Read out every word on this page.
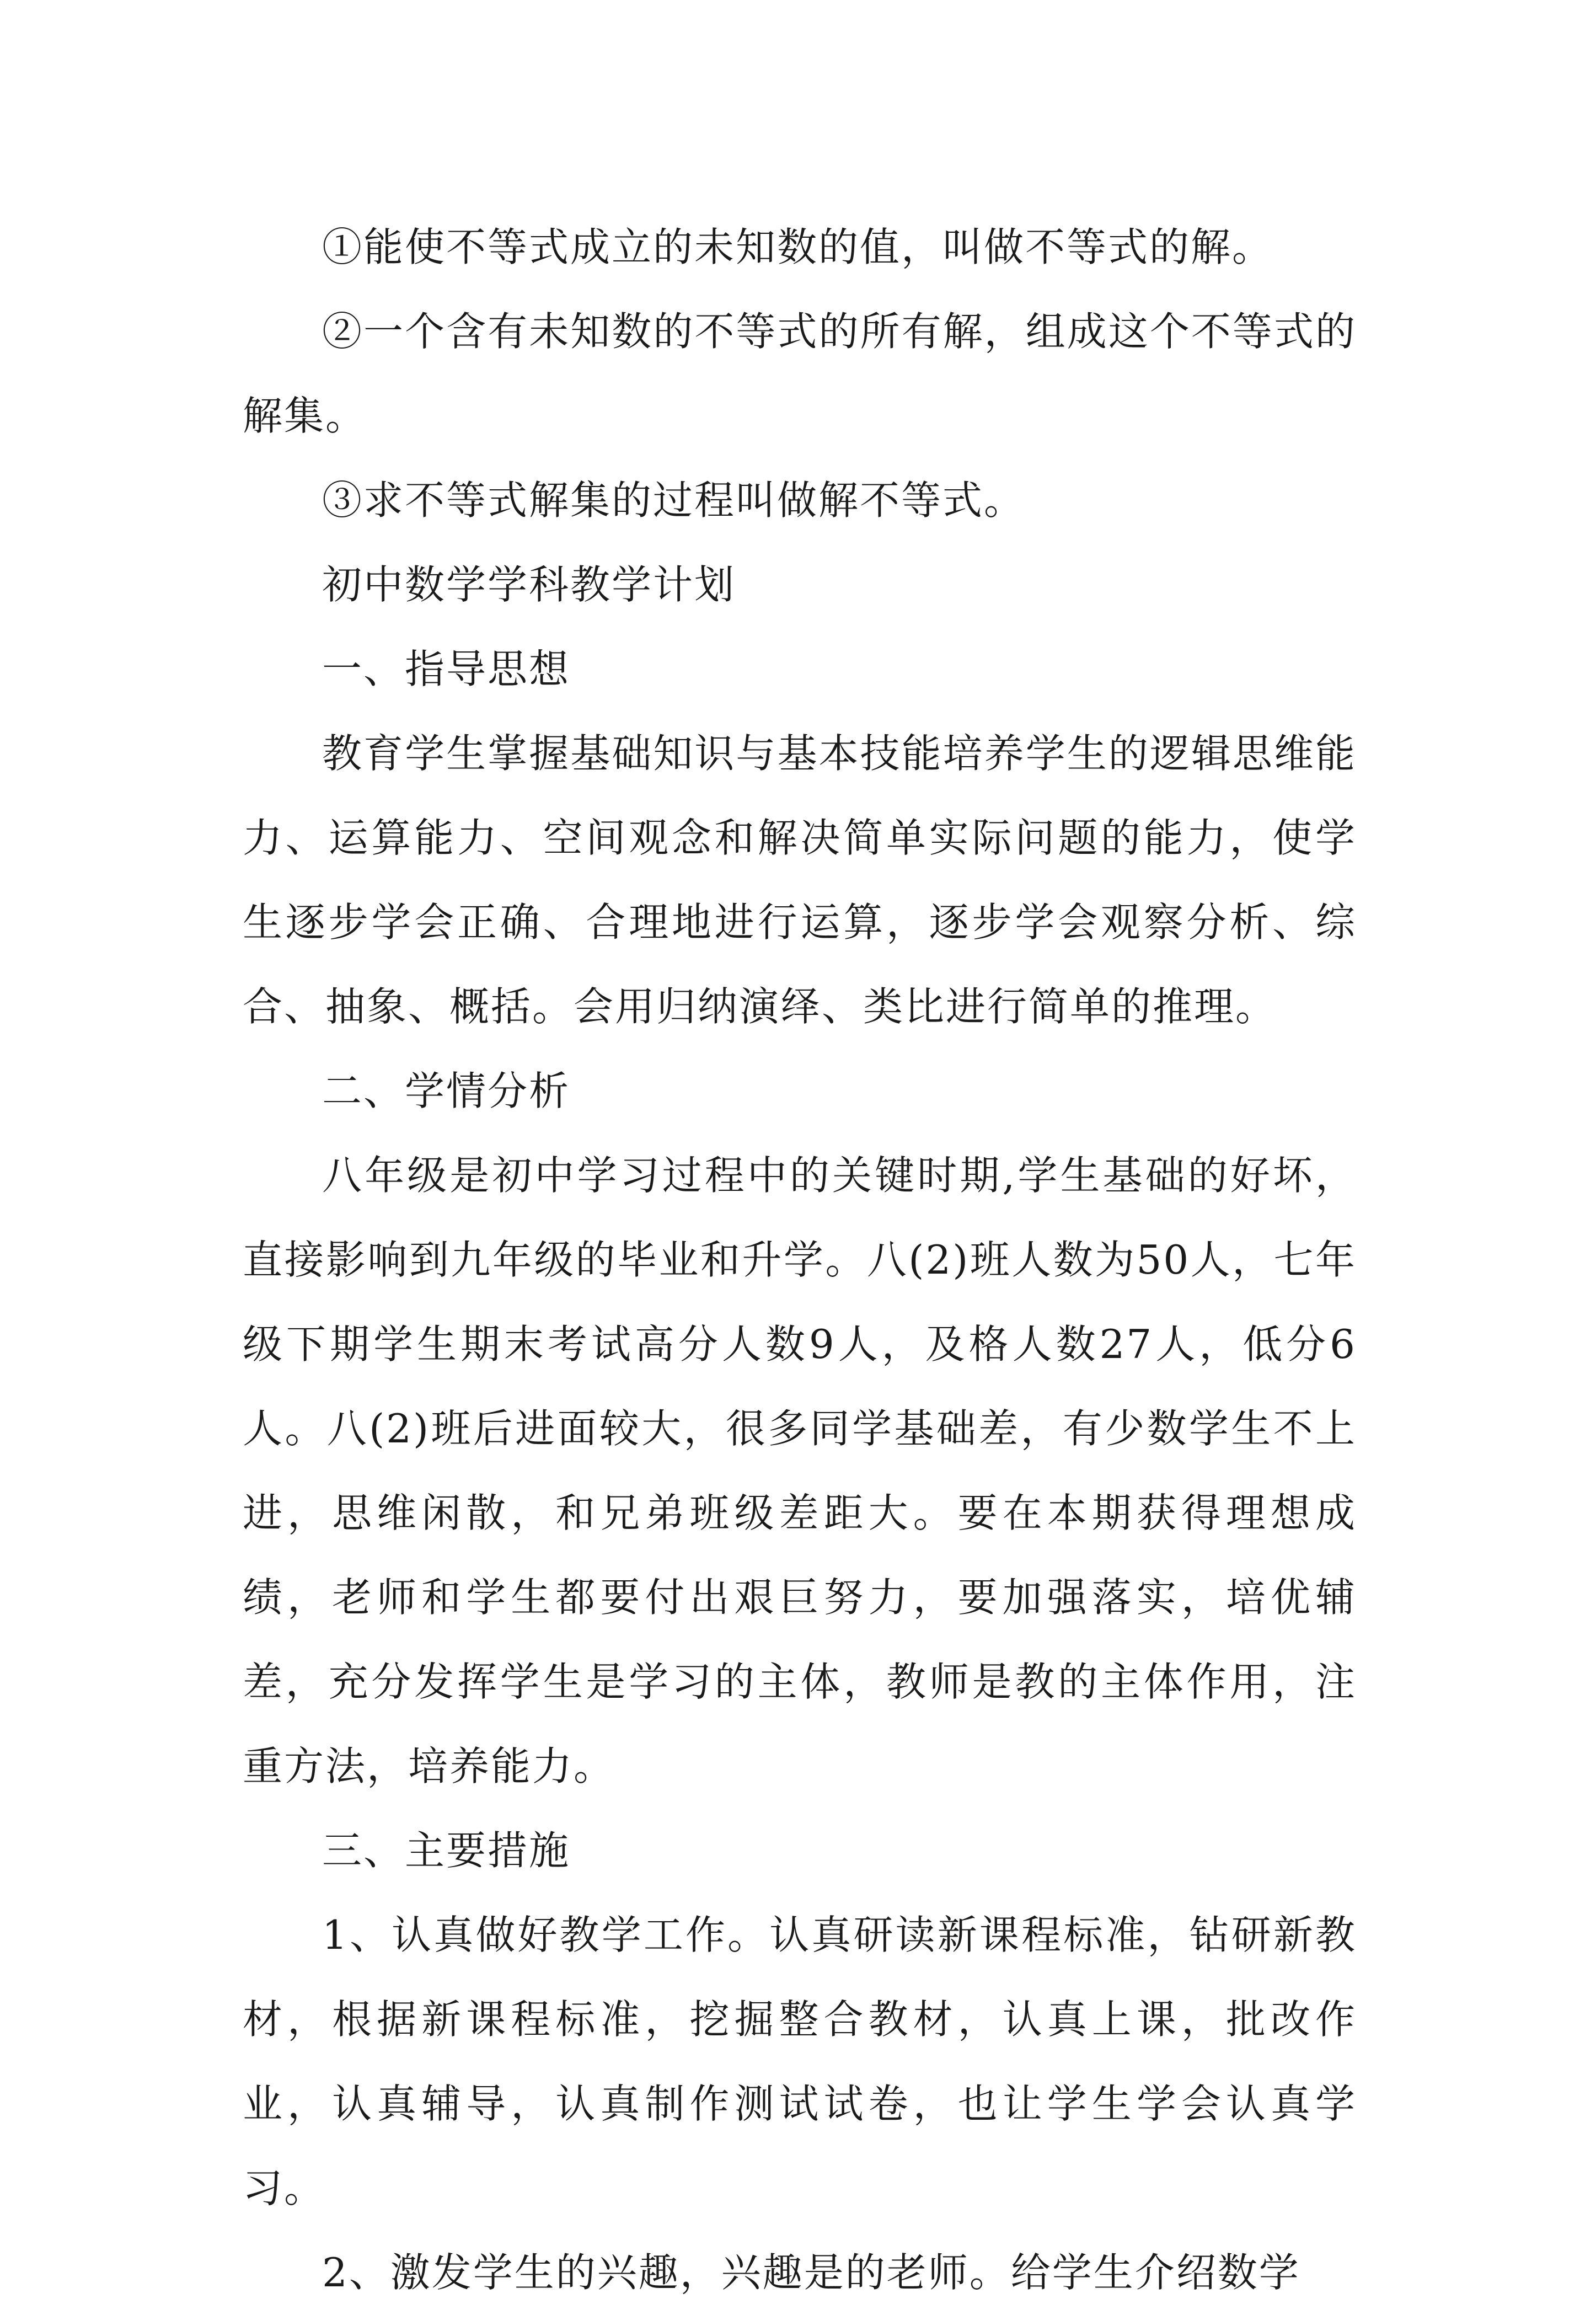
①能使不等式成立的未知数的值，叫做不等式的解。

②一个含有未知数的不等式的所有解，组成这个不等式的解集。

③求不等式解集的过程叫做解不等式。

初中数学学科教学计划

一、指导思想

教育学生掌握基础知识与基本技能培养学生的逻辑思维能力、运算能力、空间观念和解决简单实际问题的能力，使学生逐步学会正确、合理地进行运算，逐步学会观察分析、综合、抽象、概括。会用归纳演绎、类比进行简单的推理。

二、学情分析

八年级是初中学习过程中的关键时期,学生基础的好坏，直接影响到九年级的毕业和升学。八(2)班人数为50人，七年级下期学生期末考试高分人数9人，及格人数27人，低分6人。八(2)班后进面较大，很多同学基础差，有少数学生不上进，思维闲散，和兄弟班级差距大。要在本期获得理想成绩，老师和学生都要付出艰巨努力，要加强落实，培优辅差，充分发挥学生是学习的主体，教师是教的主体作用，注重方法，培养能力。

三、主要措施

1、认真做好教学工作。认真研读新课程标准，钻研新教材，根据新课程标准，挖掘整合教材，认真上课，批改作业，认真辅导，认真制作测试试卷，也让学生学会认真学习。

2、激发学生的兴趣，兴趣是的老师。给学生介绍数学
